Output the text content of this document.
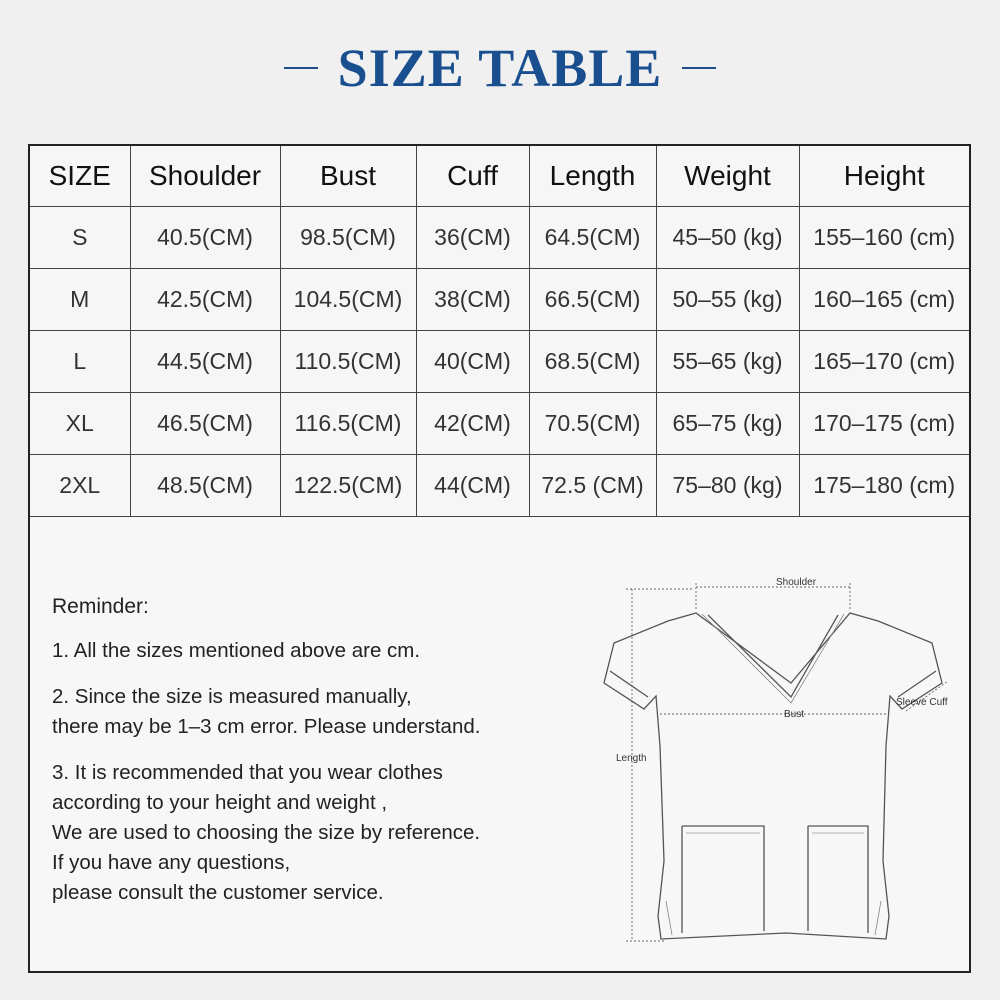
SIZE TABLE
SIZE	Shoulder	Bust	Cuff	Length	Weight	Height
S	40.5(CM)	98.5(CM)	36(CM)	64.5(CM)	45–50 (kg)	155–160 (cm)
M	42.5(CM)	104.5(CM)	38(CM)	66.5(CM)	50–55 (kg)	160–165 (cm)
L	44.5(CM)	110.5(CM)	40(CM)	68.5(CM)	55–65 (kg)	165–170 (cm)
XL	46.5(CM)	116.5(CM)	42(CM)	70.5(CM)	65–75 (kg)	170–175 (cm)
2XL	48.5(CM)	122.5(CM)	44(CM)	72.5 (CM)	75–80 (kg)	175–180 (cm)
Reminder:
1. All the sizes mentioned above are cm.
2. Since the size is measured manually,
there may be 1–3 cm error. Please understand.
3. It is recommended that you wear clothes
according to your height and weight ,
We are used to choosing the size by reference.
If you have any questions,
please consult the customer service.
Shoulder
Bust
Sleeve Cuff
Length
